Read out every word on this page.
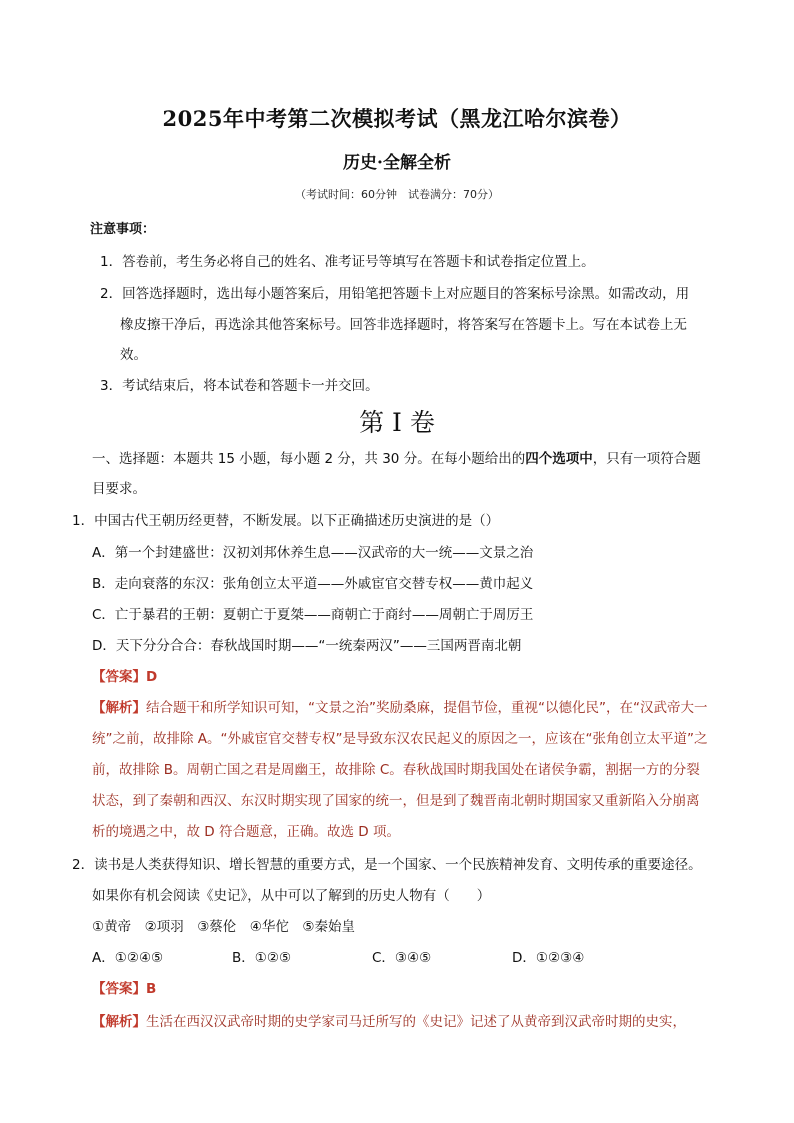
2025年中考第二次模拟考试（黑龙江哈尔滨卷）
历史·全解全析
（考试时间：60分钟　试卷满分：70分）
注意事项：
1．答卷前，考生务必将自己的姓名、准考证号等填写在答题卡和试卷指定位置上。
2．回答选择题时，选出每小题答案后，用铅笔把答题卡上对应题目的答案标号涂黑。如需改动，用
橡皮擦干净后，再选涂其他答案标号。回答非选择题时，将答案写在答题卡上。写在本试卷上无
效。
3．考试结束后，将本试卷和答题卡一并交回。
第 I 卷
一、选择题：本题共 15 小题，每小题 2 分，共 30 分。在每小题给出的四个选项中，只有一项符合题
目要求。
1．中国古代王朝历经更替，不断发展。以下正确描述历史演进的是（）
A．第一个封建盛世：汉初刘邦休养生息——汉武帝的大一统——文景之治
B．走向衰落的东汉：张角创立太平道——外戚宦官交替专权——黄巾起义
C．亡于暴君的王朝：夏朝亡于夏桀——商朝亡于商纣——周朝亡于周厉王
D．天下分分合合：春秋战国时期——“一统秦两汉”——三国两晋南北朝
【答案】D
【解析】结合题干和所学知识可知，“文景之治”奖励桑麻，提倡节俭，重视“以德化民”，在“汉武帝大一
统”之前，故排除 A。“外戚宦官交替专权”是导致东汉农民起义的原因之一，应该在“张角创立太平道”之
前，故排除 B。周朝亡国之君是周幽王，故排除 C。春秋战国时期我国处在诸侯争霸，割据一方的分裂
状态，到了秦朝和西汉、东汉时期实现了国家的统一，但是到了魏晋南北朝时期国家又重新陷入分崩离
析的境遇之中，故 D 符合题意，正确。故选 D 项。
2．读书是人类获得知识、增长智慧的重要方式，是一个国家、一个民族精神发育、文明传承的重要途径。
如果你有机会阅读《史记》，从中可以了解到的历史人物有（　　）
①黄帝　②项羽　③蔡伦　④华佗　⑤秦始皇
A．①②④⑤	B．①②⑤	C．③④⑤	D．①②③④
【答案】B
【解析】生活在西汉汉武帝时期的史学家司马迁所写的《史记》记述了从黄帝到汉武帝时期的史实，
